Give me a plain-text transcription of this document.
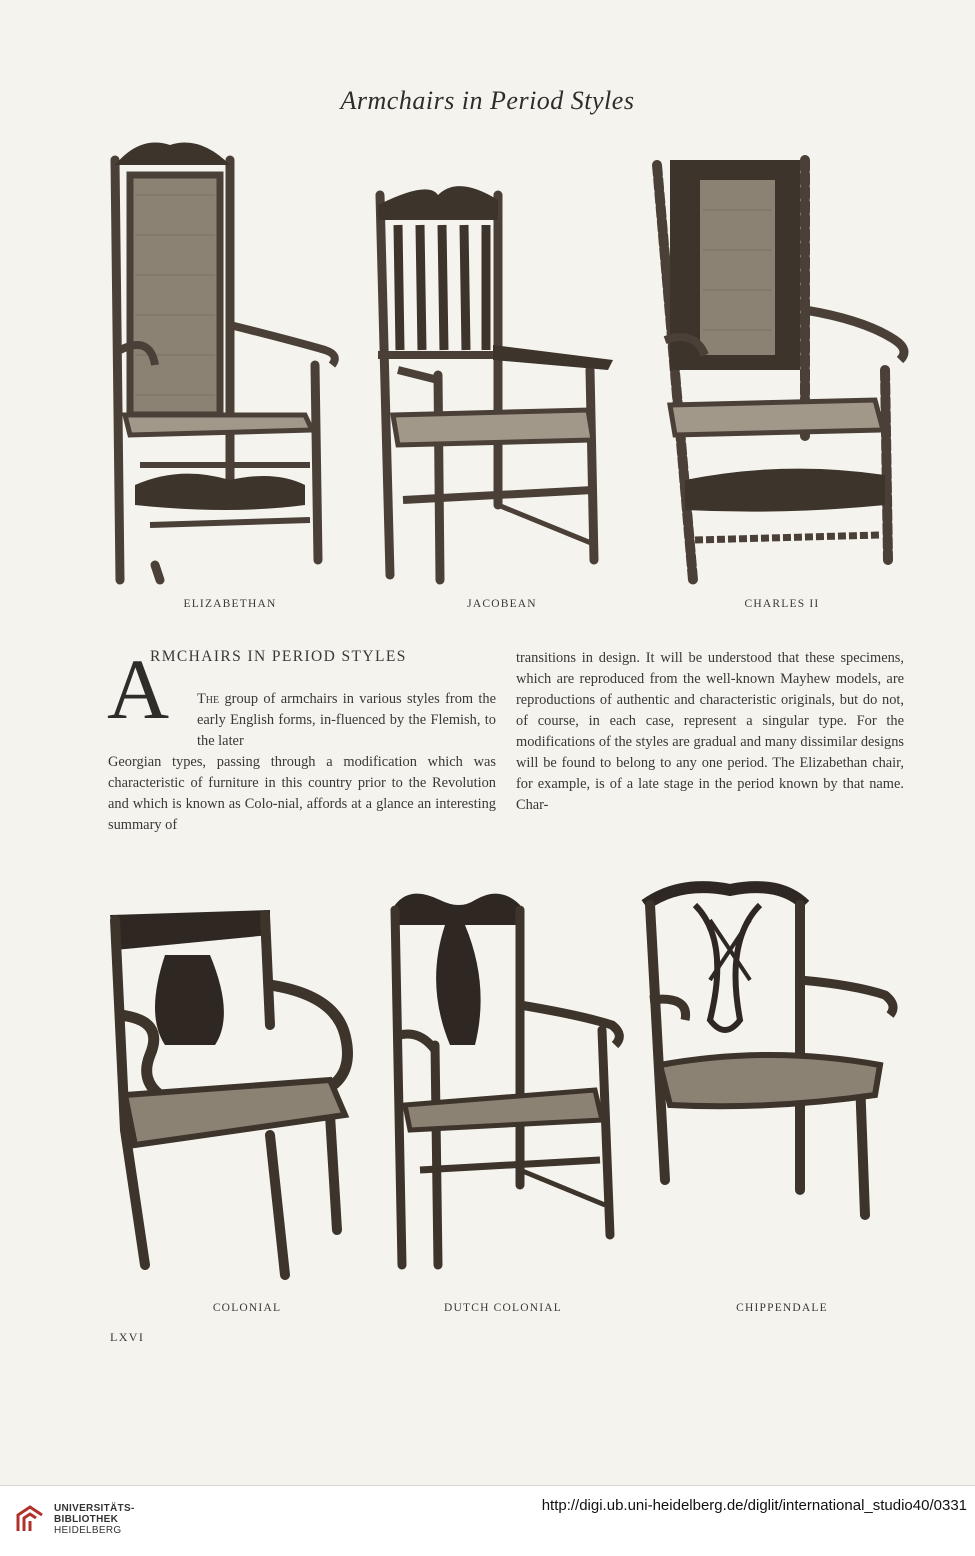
Armchairs in Period Styles
ELIZABETHAN	JACOBEAN	CHARLES II
A
RMCHAIRS IN PERIOD STYLES
The group of armchairs in various styles from the early English forms, in-fluenced by the Flemish, to the later
Georgian types, passing through a modification which was characteristic of furniture in this country prior to the Revolution and which is known as Colo-nial, affords at a glance an interesting summary of
transitions in design. It will be understood that these specimens, which are reproduced from the well-known Mayhew models, are reproductions of authentic and characteristic originals, but do not, of course, in each case, represent a singular type. For the modifications of the styles are gradual and many dissimilar designs will be found to belong to any one period. The Elizabethan chair, for example, is of a late stage in the period known by that name. Char-
COLONIAL	DUTCH COLONIAL	CHIPPENDALE
LXVI
UNIVERSITÄTS-
BIBLIOTHEK
HEIDELBERG
http://digi.ub.uni-heidelberg.de/diglit/international_studio40/0331
